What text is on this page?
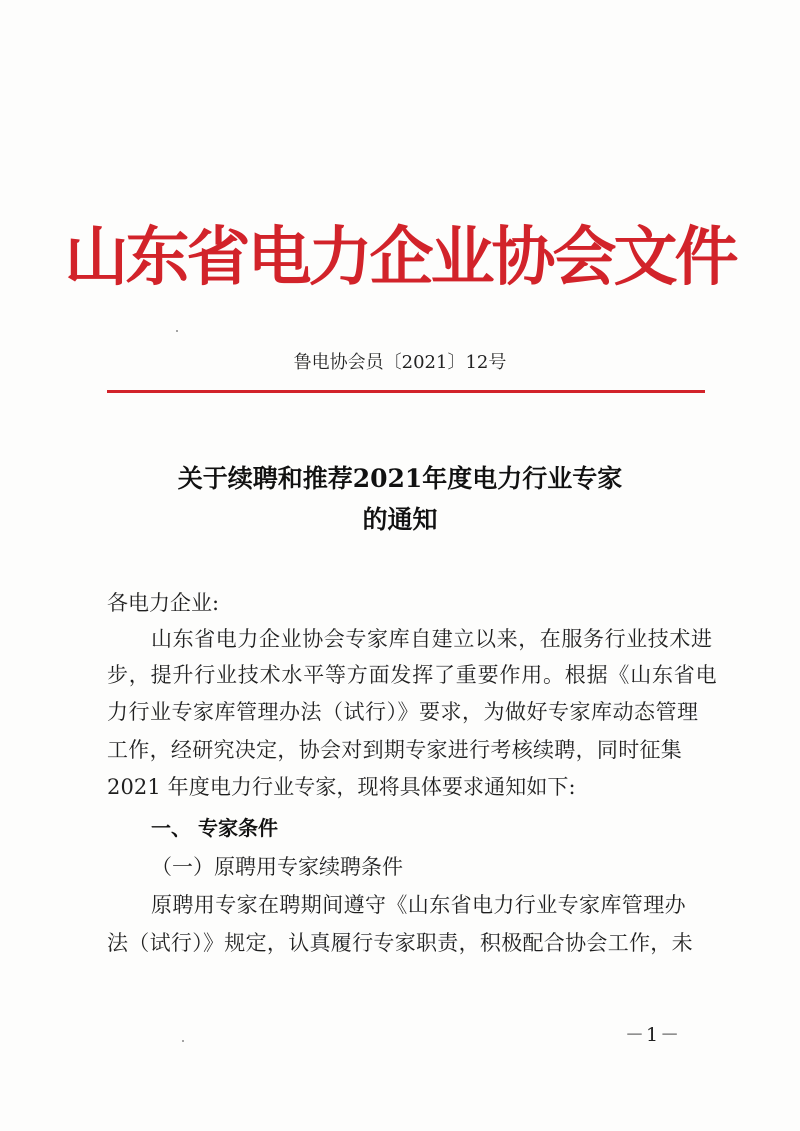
山东省电力企业协会文件
鲁电协会员〔2021〕12号
关于续聘和推荐2021年度电力行业专家
的通知
各电力企业:
山东省电力企业协会专家库自建立以来，在服务行业技术进
步，提升行业技术水平等方面发挥了重要作用。根据《山东省电
力行业专家库管理办法（试行）》要求，为做好专家库动态管理
工作，经研究决定，协会对到期专家进行考核续聘，同时征集
2021 年度电力行业专家，现将具体要求通知如下:
一、 专家条件
（一）原聘用专家续聘条件
原聘用专家在聘期间遵守《山东省电力行业专家库管理办
法（试行）》规定，认真履行专家职责，积极配合协会工作，未
－1－
